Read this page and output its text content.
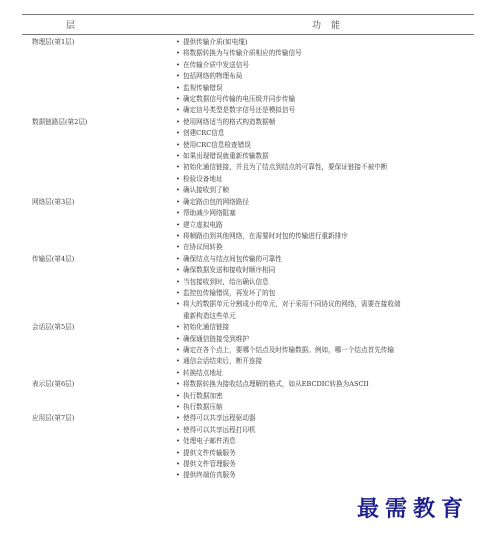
层	功能
物理层(第1层)	• 提供传输介质(如电缆)
• 将数据转换为与传输介质相应的传输信号
• 在传输介质中发送信号
• 包括网络的物理布局
• 监视传输错误
• 确定数据信号传输的电压级并同步传输
• 确定信号类型是数字信号还是模拟信号
数据链路层(第2层)	• 使用网络适当的格式构造数据帧
• 创建CRC信息
• 使用CRC信息检查错误
• 如果出现错误就重新传输数据
• 初始化通信链接，并且为了结点到结点的可靠性，要保证链接不被中断
• 检验设备地址
• 确认接收到了帧
网络层(第3层)	• 确定路由包的网络路径
• 帮助减少网络阻塞
• 建立虚拟电路
• 将帧路由到其他网络，在需要时对包的传输进行重新排序
• 在协议间转换
传输层(第4层)	• 确保结点与结点间包传输的可靠性
• 确保数据发送和接收时顺序相同
• 当包接收到时，给出确认信息
• 监控包传输错误，再发坏了的包
• 将大的数据单元分割成小的单元，对于采用不同协议的网络，需要在接收端
重新构造这些单元
会话层(第5层)	• 初始化通信链接
• 确保通信链接受到维护
• 确定在各个点上，要哪个结点及时传输数据。例如，哪一个结点首先传输
• 通信会话结束后，断开连接
• 转换结点地址
表示层(第6层)	• 将数据转换为接收结点理解的格式，如从EBCDIC转换为ASCII
• 执行数据加密
• 执行数据压缩
应用层(第7层)	• 使得可以共享远程驱动器
• 使得可以共享远程打印机
• 处理电子邮件消息
• 提供文件传输服务
• 提供文件管理服务
• 提供终端仿真服务
最需教育
